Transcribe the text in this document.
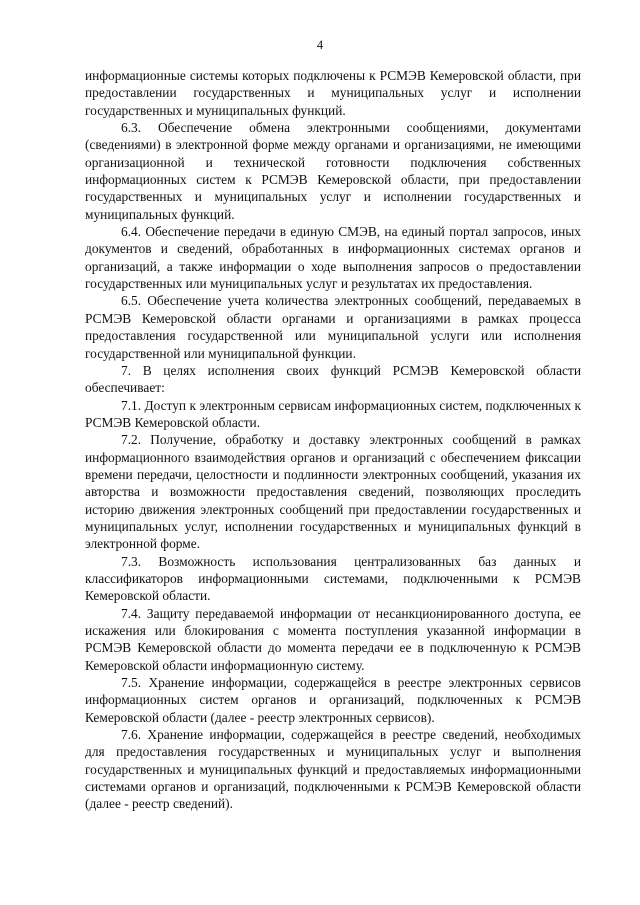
4

информационные системы которых подключены к РСМЭВ Кемеровской области, при предоставлении государственных и муниципальных услуг и исполнении государственных и муниципальных функций.

6.3. Обеспечение обмена электронными сообщениями, документами (сведениями) в электронной форме между органами и организациями, не имеющими организационной и технической готовности подключения собственных информационных систем к РСМЭВ Кемеровской области, при предоставлении государственных и муниципальных услуг и исполнении государственных и муниципальных функций.

6.4. Обеспечение передачи в единую СМЭВ, на единый портал запросов, иных документов и сведений, обработанных в информационных системах органов и организаций, а также информации о ходе выполнения запросов о предоставлении государственных или муниципальных услуг и результатах их предоставления.

6.5. Обеспечение учета количества электронных сообщений, передаваемых в РСМЭВ Кемеровской области органами и организациями в рамках процесса предоставления государственной или муниципальной услуги или исполнения государственной или муниципальной функции.

7. В целях исполнения своих функций РСМЭВ Кемеровской области обеспечивает:

7.1. Доступ к электронным сервисам информационных систем, подключенных к РСМЭВ Кемеровской области.

7.2. Получение, обработку и доставку электронных сообщений в рамках информационного взаимодействия органов и организаций с обеспечением фиксации времени передачи, целостности и подлинности электронных сообщений, указания их авторства и возможности предоставления сведений, позволяющих проследить историю движения электронных сообщений при предоставлении государственных и муниципальных услуг, исполнении государственных и муниципальных функций в электронной форме.

7.3. Возможность использования централизованных баз данных и классификаторов информационными системами, подключенными к РСМЭВ Кемеровской области.

7.4. Защиту передаваемой информации от несанкционированного доступа, ее искажения или блокирования с момента поступления указанной информации в РСМЭВ Кемеровской области до момента передачи ее в подключенную к РСМЭВ Кемеровской области информационную систему.

7.5. Хранение информации, содержащейся в реестре электронных сервисов информационных систем органов и организаций, подключенных к РСМЭВ Кемеровской области (далее - реестр электронных сервисов).

7.6. Хранение информации, содержащейся в реестре сведений, необходимых для предоставления государственных и муниципальных услуг и выполнения государственных и муниципальных функций и предоставляемых информационными системами органов и организаций, подключенными к РСМЭВ Кемеровской области (далее - реестр сведений).
